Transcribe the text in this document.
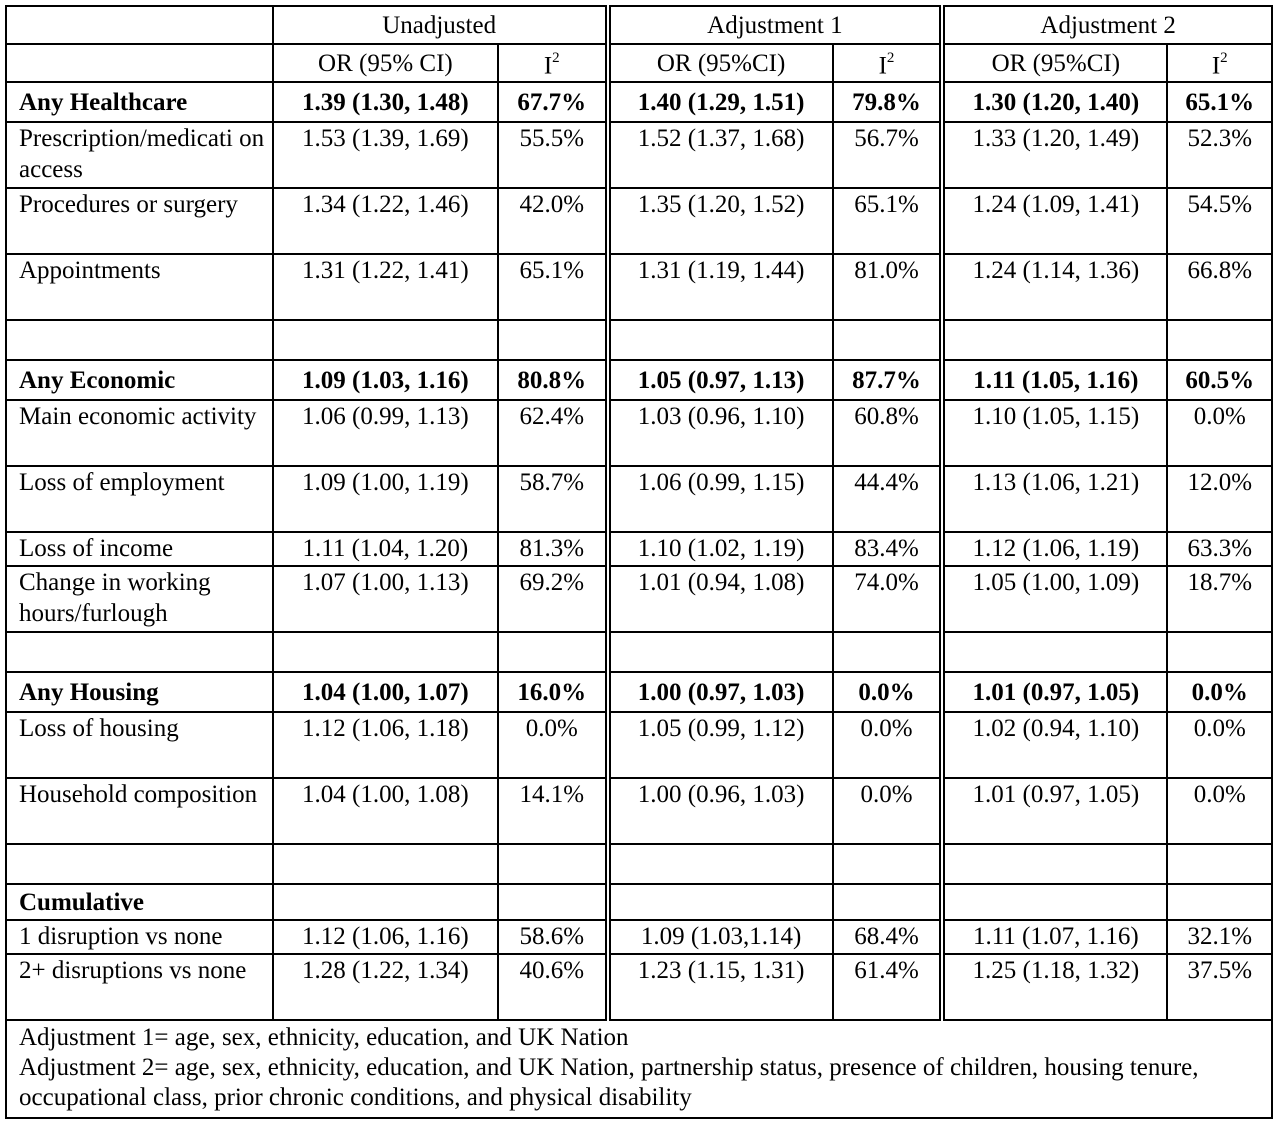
	Unadjusted		Adjustment 1		Adjustment 2	
	OR (95% CI)	$I^2$	OR (95%CI)	$I^2$	OR (95%CI)	$I^2$
Any Healthcare	1.39 (1.30, 1.48)	67.7%	1.40 (1.29, 1.51)	79.8%	1.30 (1.20, 1.40)	65.1%
Prescription/medicati on access	1.53 (1.39, 1.69)	55.5%	1.52 (1.37, 1.68)	56.7%	1.33 (1.20, 1.49)	52.3%
Procedures or surgery	1.34 (1.22, 1.46)	42.0%	1.35 (1.20, 1.52)	65.1%	1.24 (1.09, 1.41)	54.5%
Appointments	1.31 (1.22, 1.41)	65.1%	1.31 (1.19, 1.44)	81.0%	1.24 (1.14, 1.36)	66.8%

Any Economic	1.09 (1.03, 1.16)	80.8%	1.05 (0.97, 1.13)	87.7%	1.11 (1.05, 1.16)	60.5%
Main economic activity	1.06 (0.99, 1.13)	62.4%	1.03 (0.96, 1.10)	60.8%	1.10 (1.05, 1.15)	0.0%
Loss of employment	1.09 (1.00, 1.19)	58.7%	1.06 (0.99, 1.15)	44.4%	1.13 (1.06, 1.21)	12.0%
Loss of income	1.11 (1.04, 1.20)	81.3%	1.10 (1.02, 1.19)	83.4%	1.12 (1.06, 1.19)	63.3%
Change in working hours/furlough	1.07 (1.00, 1.13)	69.2%	1.01 (0.94, 1.08)	74.0%	1.05 (1.00, 1.09)	18.7%

Any Housing	1.04 (1.00, 1.07)	16.0%	1.00 (0.97, 1.03)	0.0%	1.01 (0.97, 1.05)	0.0%
Loss of housing	1.12 (1.06, 1.18)	0.0%	1.05 (0.99, 1.12)	0.0%	1.02 (0.94, 1.10)	0.0%
Household composition	1.04 (1.00, 1.08)	14.1%	1.00 (0.96, 1.03)	0.0%	1.01 (0.97, 1.05)	0.0%

Cumulative						
1 disruption vs none	1.12 (1.06, 1.16)	58.6%	1.09 (1.03,1.14)	68.4%	1.11 (1.07, 1.16)	32.1%
2+ disruptions vs none	1.28 (1.22, 1.34)	40.6%	1.23 (1.15, 1.31)	61.4%	1.25 (1.18, 1.32)	37.5%

Adjustment 1= age, sex, ethnicity, education, and UK Nation
Adjustment 2= age, sex, ethnicity, education, and UK Nation, partnership status, presence of children, housing tenure, occupational class, prior chronic conditions, and physical disability						
